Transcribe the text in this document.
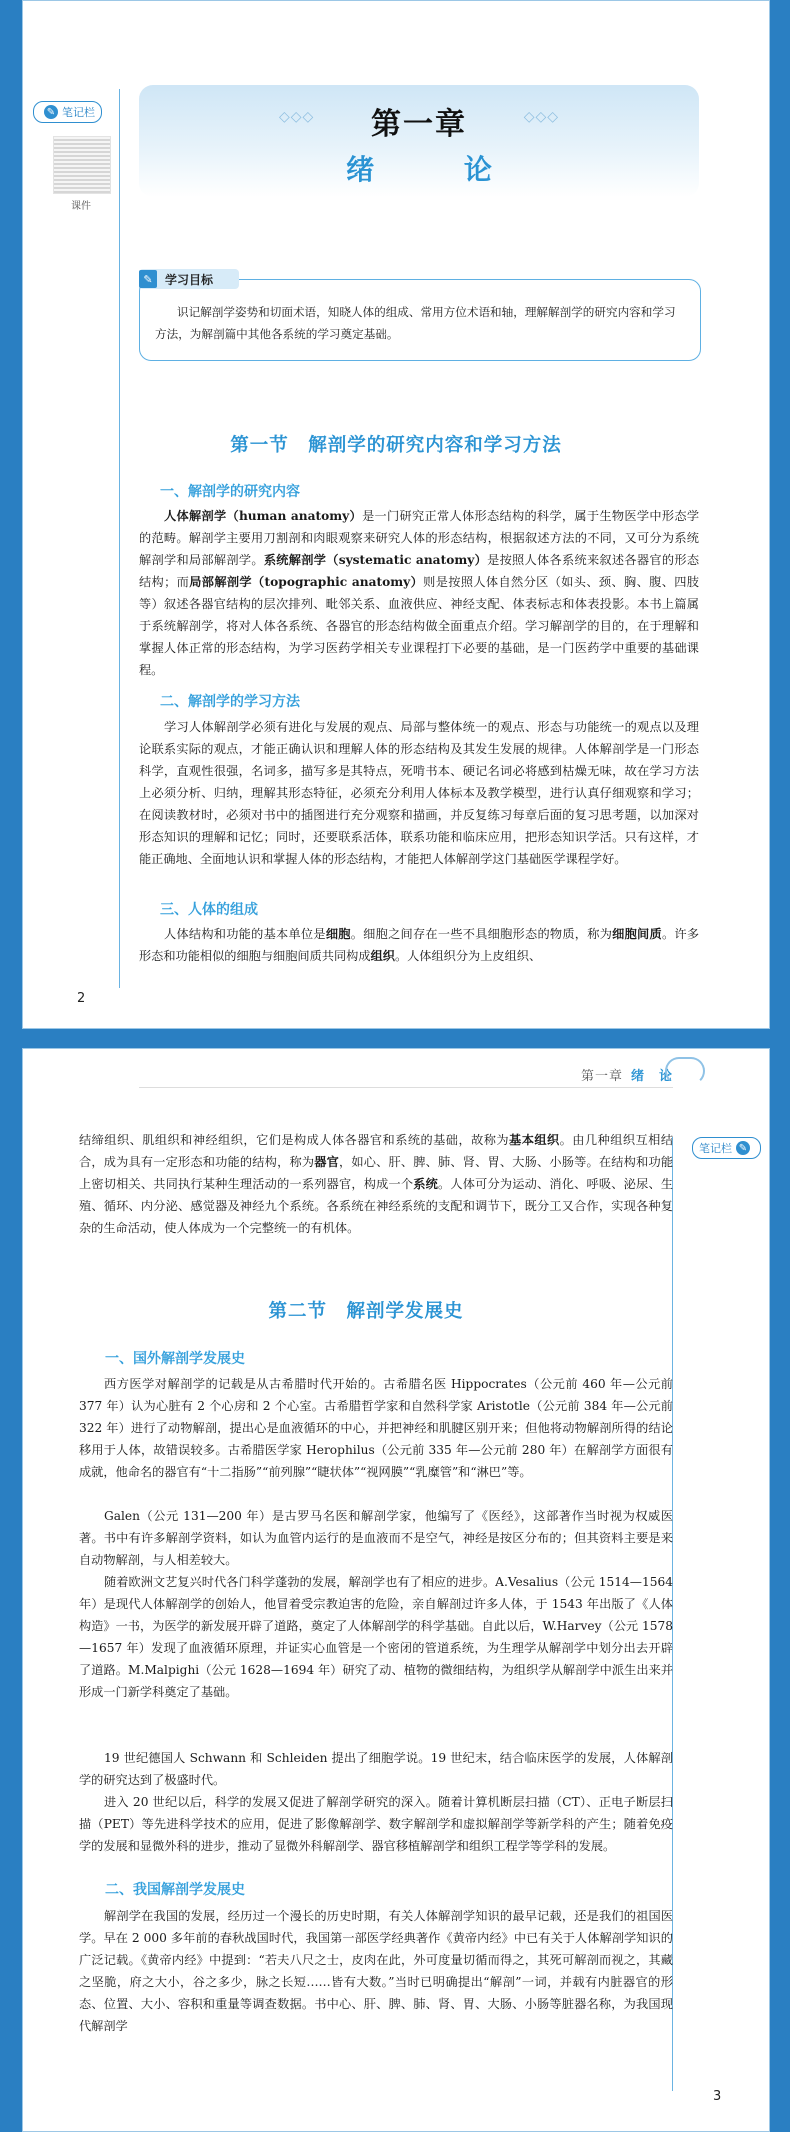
✎ 笔记栏
课件
◇◇◇	第一章	◇◇◇
绪 论
✎	学习目标
识记解剖学姿势和切面术语，知晓人体的组成、常用方位术语和轴，理解解剖学的研究内容和学习方法，为解剖篇中其他各系统的学习奠定基础。
第一节　解剖学的研究内容和学习方法
一、解剖学的研究内容
人体解剖学（human anatomy）是一门研究正常人体形态结构的科学，属于生物医学中形态学的范畴。解剖学主要用刀割剖和肉眼观察来研究人体的形态结构，根据叙述方法的不同，又可分为系统解剖学和局部解剖学。系统解剖学（systematic anatomy）是按照人体各系统来叙述各器官的形态结构；而局部解剖学（topographic anatomy）则是按照人体自然分区（如头、颈、胸、腹、四肢等）叙述各器官结构的层次排列、毗邻关系、血液供应、神经支配、体表标志和体表投影。本书上篇属于系统解剖学，将对人体各系统、各器官的形态结构做全面重点介绍。学习解剖学的目的，在于理解和掌握人体正常的形态结构，为学习医药学相关专业课程打下必要的基础，是一门医药学中重要的基础课程。
二、解剖学的学习方法
学习人体解剖学必须有进化与发展的观点、局部与整体统一的观点、形态与功能统一的观点以及理论联系实际的观点，才能正确认识和理解人体的形态结构及其发生发展的规律。人体解剖学是一门形态科学，直观性很强，名词多，描写多是其特点，死啃书本、硬记名词必将感到枯燥无味，故在学习方法上必须分析、归纳，理解其形态特征，必须充分利用人体标本及教学模型，进行认真仔细观察和学习；在阅读教材时，必须对书中的插图进行充分观察和描画，并反复练习每章后面的复习思考题，以加深对形态知识的理解和记忆；同时，还要联系活体，联系功能和临床应用，把形态知识学活。只有这样，才能正确地、全面地认识和掌握人体的形态结构，才能把人体解剖学这门基础医学课程学好。
三、人体的组成
人体结构和功能的基本单位是细胞。细胞之间存在一些不具细胞形态的物质，称为细胞间质。许多形态和功能相似的细胞与细胞间质共同构成组织。人体组织分为上皮组织、
2
第一章 绪　论
笔记栏 ✎
结缔组织、肌组织和神经组织，它们是构成人体各器官和系统的基础，故称为基本组织。由几种组织互相结合，成为具有一定形态和功能的结构，称为器官，如心、肝、脾、肺、肾、胃、大肠、小肠等。在结构和功能上密切相关、共同执行某种生理活动的一系列器官，构成一个系统。人体可分为运动、消化、呼吸、泌尿、生殖、循环、内分泌、感觉器及神经九个系统。各系统在神经系统的支配和调节下，既分工又合作，实现各种复杂的生命活动，使人体成为一个完整统一的有机体。
第二节　解剖学发展史
一、国外解剖学发展史
西方医学对解剖学的记载是从古希腊时代开始的。古希腊名医 Hippocrates（公元前 460 年—公元前 377 年）认为心脏有 2 个心房和 2 个心室。古希腊哲学家和自然科学家 Aristotle（公元前 384 年—公元前 322 年）进行了动物解剖，提出心是血液循环的中心，并把神经和肌腱区别开来；但他将动物解剖所得的结论移用于人体，故错误较多。古希腊医学家 Herophilus（公元前 335 年—公元前 280 年）在解剖学方面很有成就，他命名的器官有“十二指肠”“前列腺”“睫状体”“视网膜”“乳糜管”和“淋巴”等。
Galen（公元 131—200 年）是古罗马名医和解剖学家，他编写了《医经》，这部著作当时视为权威医著。书中有许多解剖学资料，如认为血管内运行的是血液而不是空气，神经是按区分布的；但其资料主要是来自动物解剖，与人相差较大。
随着欧洲文艺复兴时代各门科学蓬勃的发展，解剖学也有了相应的进步。A.Vesalius（公元 1514—1564 年）是现代人体解剖学的创始人，他冒着受宗教迫害的危险，亲自解剖过许多人体，于 1543 年出版了《人体构造》一书，为医学的新发展开辟了道路，奠定了人体解剖学的科学基础。自此以后，W.Harvey（公元 1578—1657 年）发现了血液循环原理，并证实心血管是一个密闭的管道系统，为生理学从解剖学中划分出去开辟了道路。M.Malpighi（公元 1628—1694 年）研究了动、植物的微细结构，为组织学从解剖学中派生出来并形成一门新学科奠定了基础。
19 世纪德国人 Schwann 和 Schleiden 提出了细胞学说。19 世纪末，结合临床医学的发展，人体解剖学的研究达到了极盛时代。
进入 20 世纪以后，科学的发展又促进了解剖学研究的深入。随着计算机断层扫描（CT）、正电子断层扫描（PET）等先进科学技术的应用，促进了影像解剖学、数字解剖学和虚拟解剖学等新学科的产生；随着免疫学的发展和显微外科的进步，推动了显微外科解剖学、器官移植解剖学和组织工程学等学科的发展。
二、我国解剖学发展史
解剖学在我国的发展，经历过一个漫长的历史时期，有关人体解剖学知识的最早记载，还是我们的祖国医学。早在 2 000 多年前的春秋战国时代，我国第一部医学经典著作《黄帝内经》中已有关于人体解剖学知识的广泛记载。《黄帝内经》中提到：“若夫八尺之士，皮肉在此，外可度量切循而得之，其死可解剖而视之，其藏之坚脆，府之大小，谷之多少，脉之长短……皆有大数。”当时已明确提出“解剖”一词，并载有内脏器官的形态、位置、大小、容积和重量等调查数据。书中心、肝、脾、肺、肾、胃、大肠、小肠等脏器名称，为我国现代解剖学
3
